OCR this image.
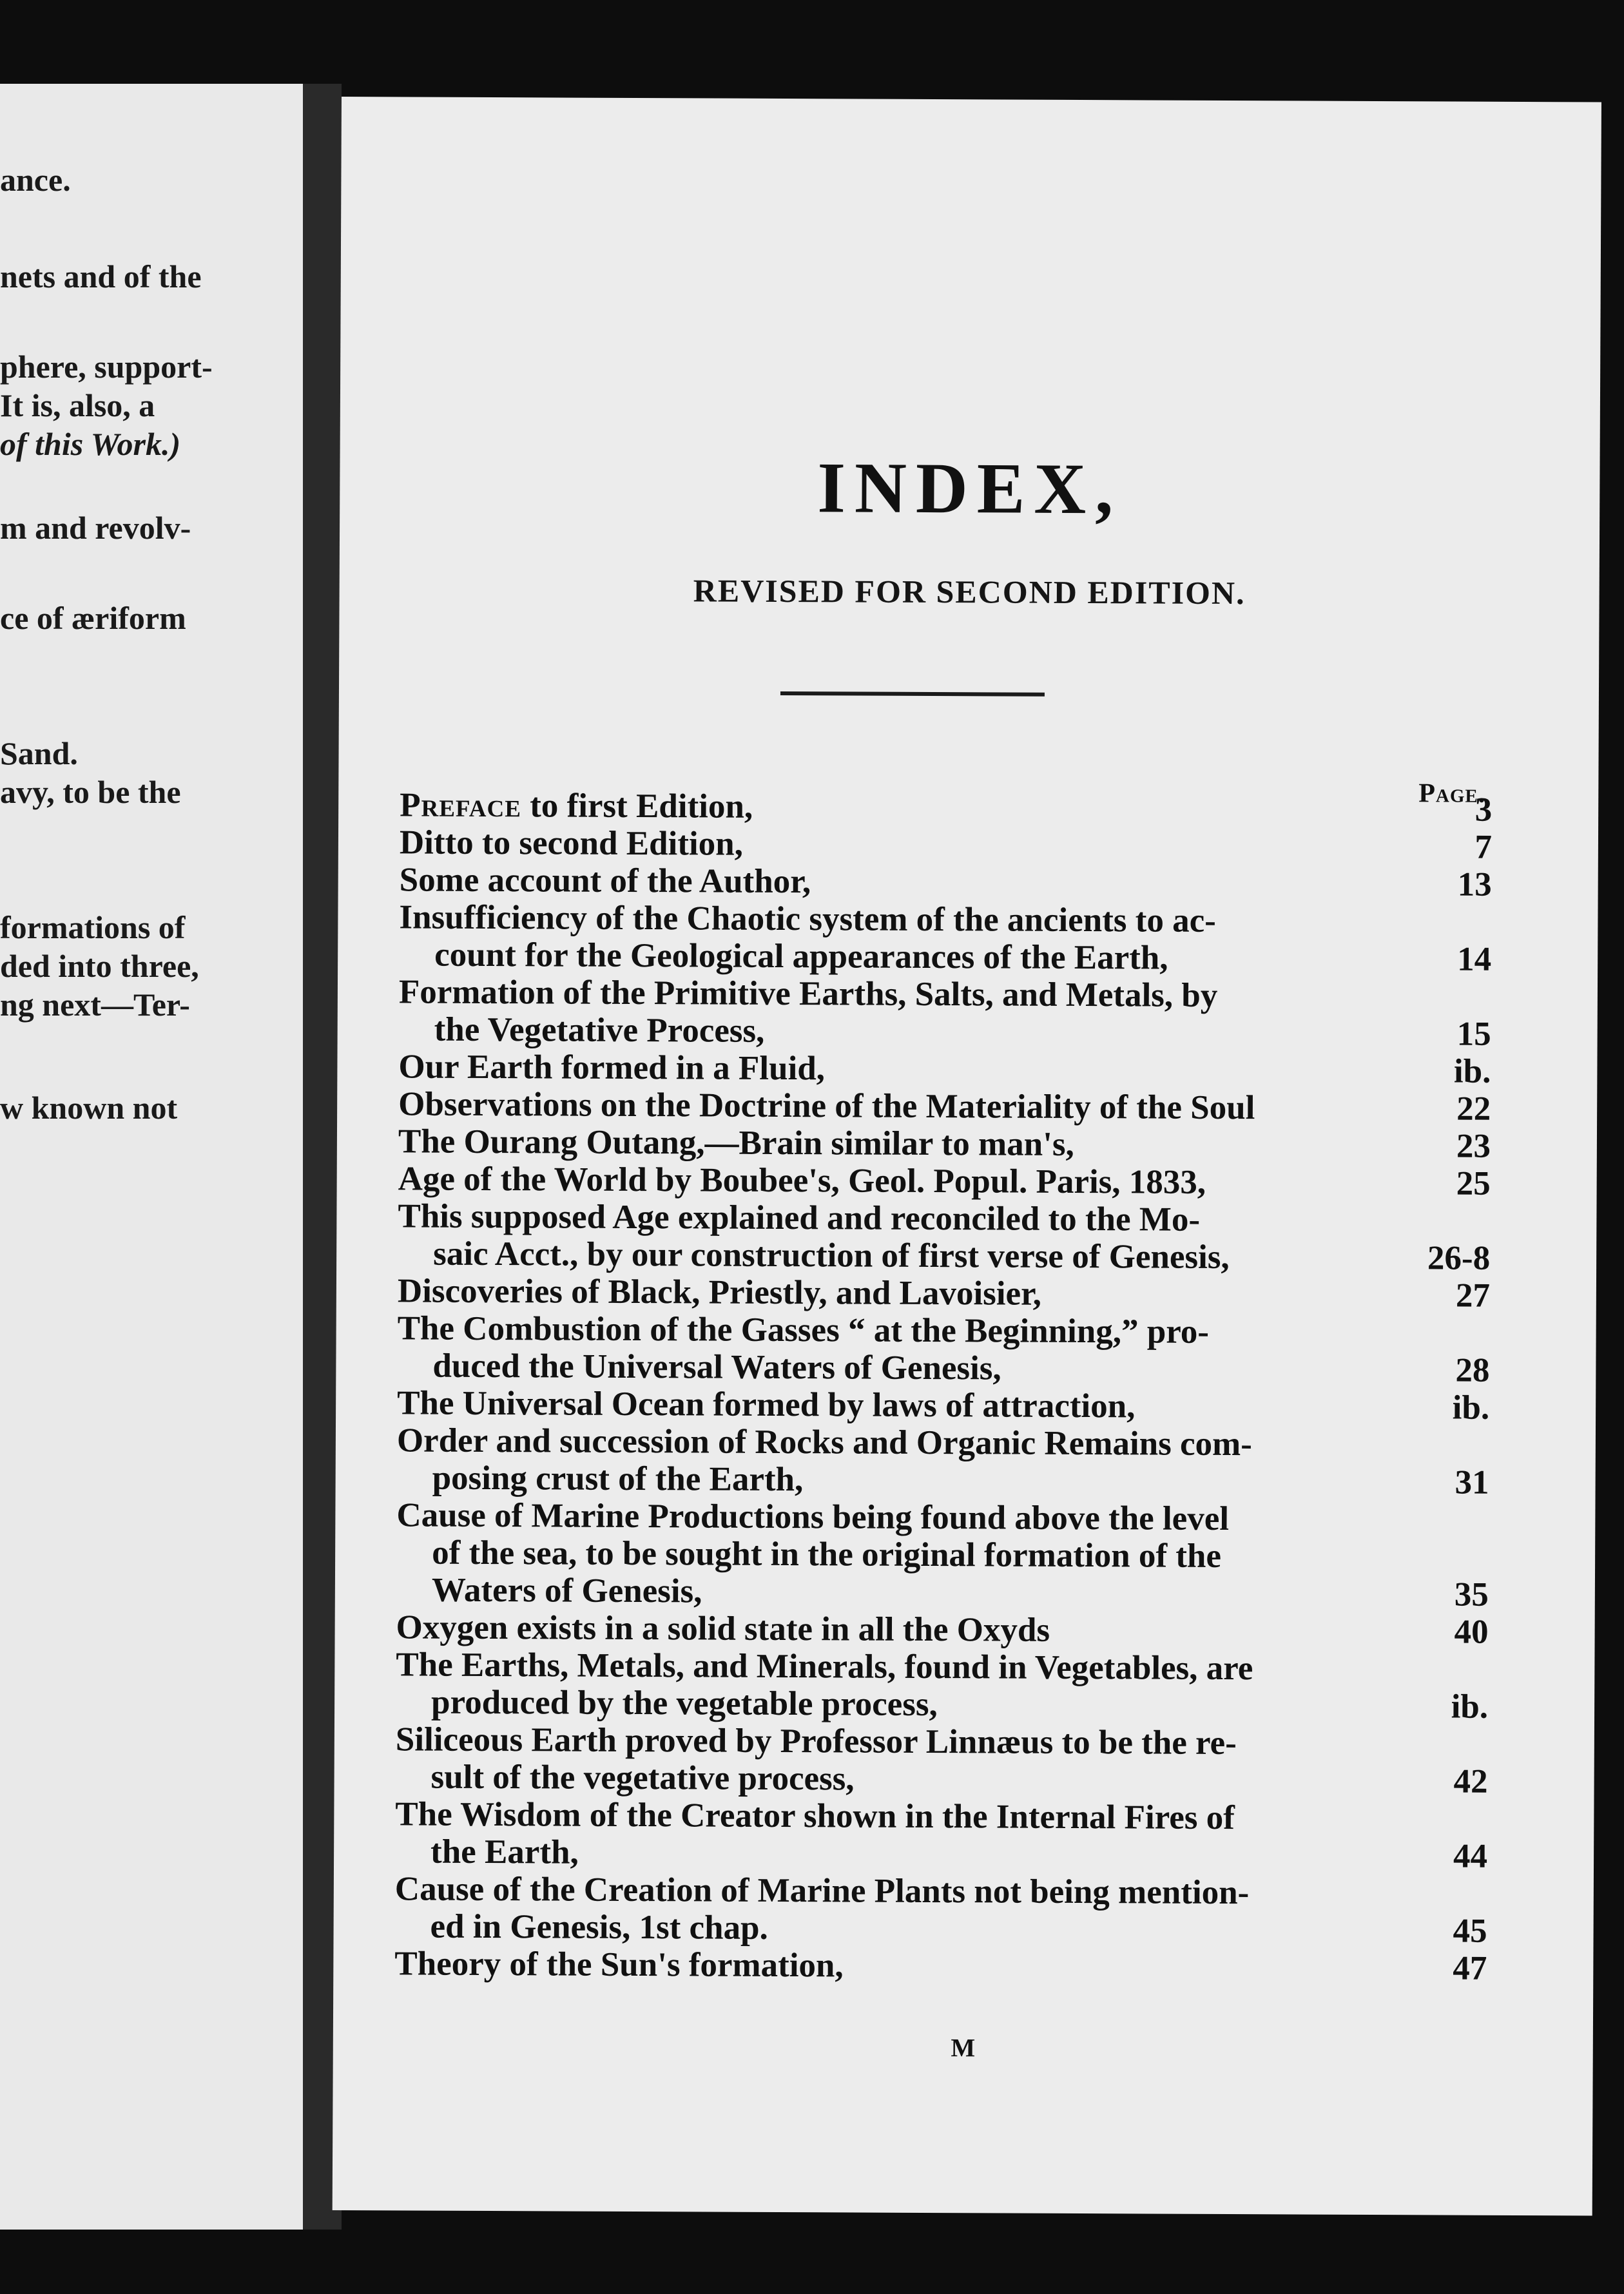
ance.
nets and of the
phere, support-
It is, also, a
of this Work.)
m and revolv-
ce of æriform
Sand.
avy, to be the
formations of
ded into three,
ng next—Ter-
w known not
INDEX,
REVISED FOR SECOND EDITION.
Page.
Preface to first Edition,	3
Ditto to second Edition,	7
Some account of the Author,	13
Insufficiency of the Chaotic system of the ancients to ac-
count for the Geological appearances of the Earth,	14
Formation of the Primitive Earths, Salts, and Metals, by
the Vegetative Process,	15
Our Earth formed in a Fluid,	ib.
Observations on the Doctrine of the Materiality of the Soul	22
The Ourang Outang,—Brain similar to man's,	23
Age of the World by Boubee's, Geol. Popul. Paris, 1833,	25
This supposed Age explained and reconciled to the Mo-
saic Acct., by our construction of first verse of Genesis,	26-8
Discoveries of Black, Priestly, and Lavoisier,	27
The Combustion of the Gasses “ at the Beginning,” pro-
duced the Universal Waters of Genesis,	28
The Universal Ocean formed by laws of attraction,	ib.
Order and succession of Rocks and Organic Remains com-
posing crust of the Earth,	31
Cause of Marine Productions being found above the level
of the sea, to be sought in the original formation of the
Waters of Genesis,	35
Oxygen exists in a solid state in all the Oxyds	40
The Earths, Metals, and Minerals, found in Vegetables, are
produced by the vegetable process,	ib.
Siliceous Earth proved by Professor Linnæus to be the re-
sult of the vegetative process,	42
The Wisdom of the Creator shown in the Internal Fires of
the Earth,	44
Cause of the Creation of Marine Plants not being mention-
ed in Genesis, 1st chap.	45
Theory of the Sun's formation,	47
M
